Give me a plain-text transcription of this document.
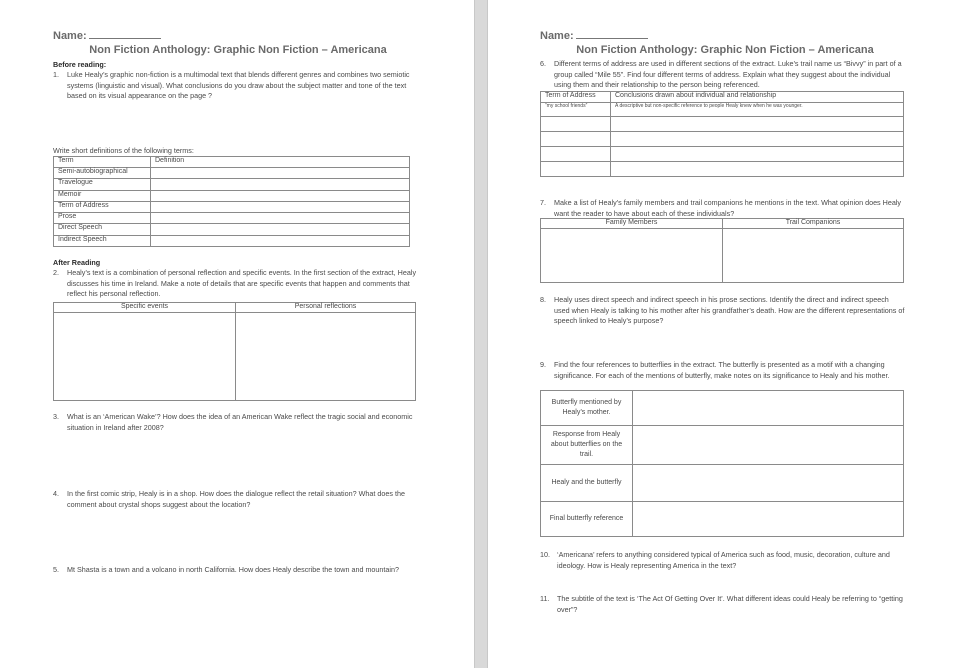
Name:
Non Fiction Anthology: Graphic Non Fiction – Americana
Before reading:
1.	Luke Healy’s graphic non-fiction is a multimodal text that blends different genres and combines two semiotic systems (linguistic and visual). What conclusions do you draw about the subject matter and tone of the text based on its visual appearance on the page ?
Write short definitions of the following terms:
Term	Definition
Semi-autobiographical	
Travelogue	
Memoir	
Term of Address	
Prose	
Direct Speech	
Indirect Speech	
After Reading
2.	Healy’s text is a combination of personal reflection and specific events. In the first section of the extract, Healy discusses his time in Ireland. Make a note of details that are specific events that happen and comments that reflect his personal reflection.
Specific events	Personal reflections

3.	What is an ‘American Wake’? How does the idea of an American Wake reflect the tragic social and economic situation in Ireland after 2008?
4.	In the first comic strip, Healy is in a shop. How does the dialogue reflect the retail situation? What does the comment about crystal shops suggest about the location?
5.	Mt Shasta is a town and a volcano in north California. How does Healy describe the town and mountain?
Name:
Non Fiction Anthology: Graphic Non Fiction – Americana
6.	Different terms of address are used in different sections of the extract. Luke’s trail name us “Bivvy” in part of a group called “Mile 55”. Find four different terms of address. Explain what they suggest about the individual using them and their relationship to the person being referenced.
Term of Address	Conclusions drawn about individual and relationship
“my school friends”	A descriptive but non-specific reference to people Healy knew when he was younger.

7.	Make a list of Healy’s family members and trail companions he mentions in the text. What opinion does Healy want the reader to have about each of these individuals?
Family Members	Trail Companions

8.	Healy uses direct speech and indirect speech in his prose sections. Identify the direct and indirect speech used when Healy is talking to his mother after his grandfather’s death. How are the different representations of speech linked to Healy’s purpose?
9.	Find the four references to butterflies in the extract. The butterfly is presented as a motif with a changing significance. For each of the mentions of butterfly, make notes on its significance to Healy and his mother.
Butterfly mentioned by Healy’s mother.	
Response from Healy about butterflies on the trail.	
Healy and the butterfly	
Final butterfly reference	
10. ‘Americana’ refers to anything considered typical of America such as food, music, decoration, culture and ideology. How is Healy representing America in the text?
11.	The subtitle of the text is ‘The Act Of Getting Over It’. What different ideas could Healy be referring to “getting over”?
